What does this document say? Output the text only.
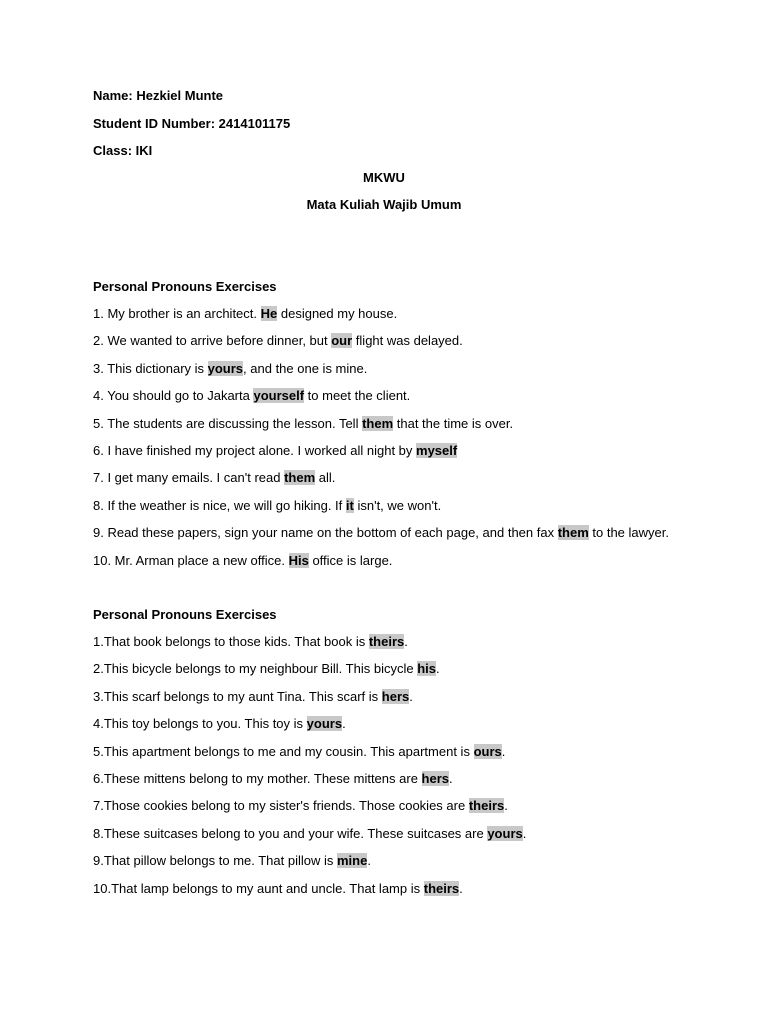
Name: Hezkiel Munte
Student ID Number: 2414101175
Class: IKI
MKWU
Mata Kuliah Wajib Umum
Personal Pronouns Exercises
1. My brother is an architect. He designed my house.
2. We wanted to arrive before dinner, but our flight was delayed.
3. This dictionary is yours, and the one is mine.
4. You should go to Jakarta yourself to meet the client.
5. The students are discussing the lesson. Tell them that the time is over.
6. I have finished my project alone. I worked all night by myself
7. I get many emails. I can't read them all.
8. If the weather is nice, we will go hiking. If it isn't, we won't.
9. Read these papers, sign your name on the bottom of each page, and then fax them to the lawyer.
10. Mr. Arman place a new office. His office is large.
Personal Pronouns Exercises
1.That book belongs to those kids. That book is theirs.
2.This bicycle belongs to my neighbour Bill. This bicycle his.
3.This scarf belongs to my aunt Tina. This scarf is hers.
4.This toy belongs to you. This toy is yours.
5.This apartment belongs to me and my cousin. This apartment is ours.
6.These mittens belong to my mother. These mittens are hers.
7.Those cookies belong to my sister's friends. Those cookies are theirs.
8.These suitcases belong to you and your wife. These suitcases are yours.
9.That pillow belongs to me. That pillow is mine.
10.That lamp belongs to my aunt and uncle. That lamp is theirs.
